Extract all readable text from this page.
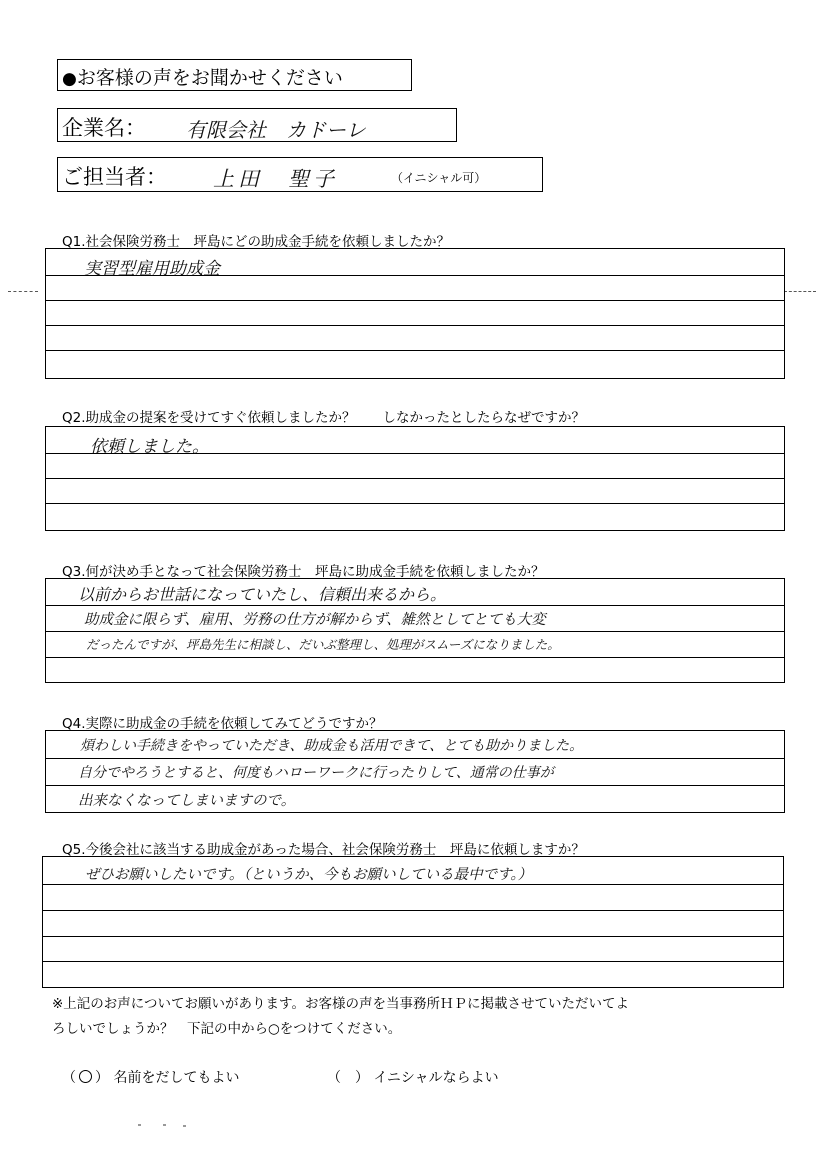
●お客様の声をお聞かせください
企業名： 有限会社　カドーレ
ご担当者： 上田　聖子	（イニシャル可）
Q1.社会保険労務士　坪島にどの助成金手続を依頼しましたか？
実習型雇用助成金
Q2.助成金の提案を受けてすぐ依頼しましたか？　　しなかったとしたらなぜですか？
依頼しました。
Q3.何が決め手となって社会保険労務士　坪島に助成金手続を依頼しましたか？
以前からお世話になっていたし、信頼出来るから。
助成金に限らず、雇用、労務の仕方が解からず、雑然としてとても大変
だったんですが、坪島先生に相談し、だいぶ整理し、処理がスムーズになりました。
Q4.実際に助成金の手続を依頼してみてどうですか？
煩わしい手続きをやっていただき、助成金も活用できて、とても助かりました。
自分でやろうとすると、何度もハローワークに行ったりして、通常の仕事が
出来なくなってしまいますので。
Q5.今後会社に該当する助成金があった場合、社会保険労務士　坪島に依頼しますか？
ぜひお願いしたいです。（というか、今もお願いしている最中です。）
※上記のお声についてお願いがあります。お客様の声を当事務所ＨＰに掲載させていただいてよ
ろしいでしょうか？　下記の中から○をつけてください。
（ ） 名前をだしてもよい	（　） イニシャルならよい
